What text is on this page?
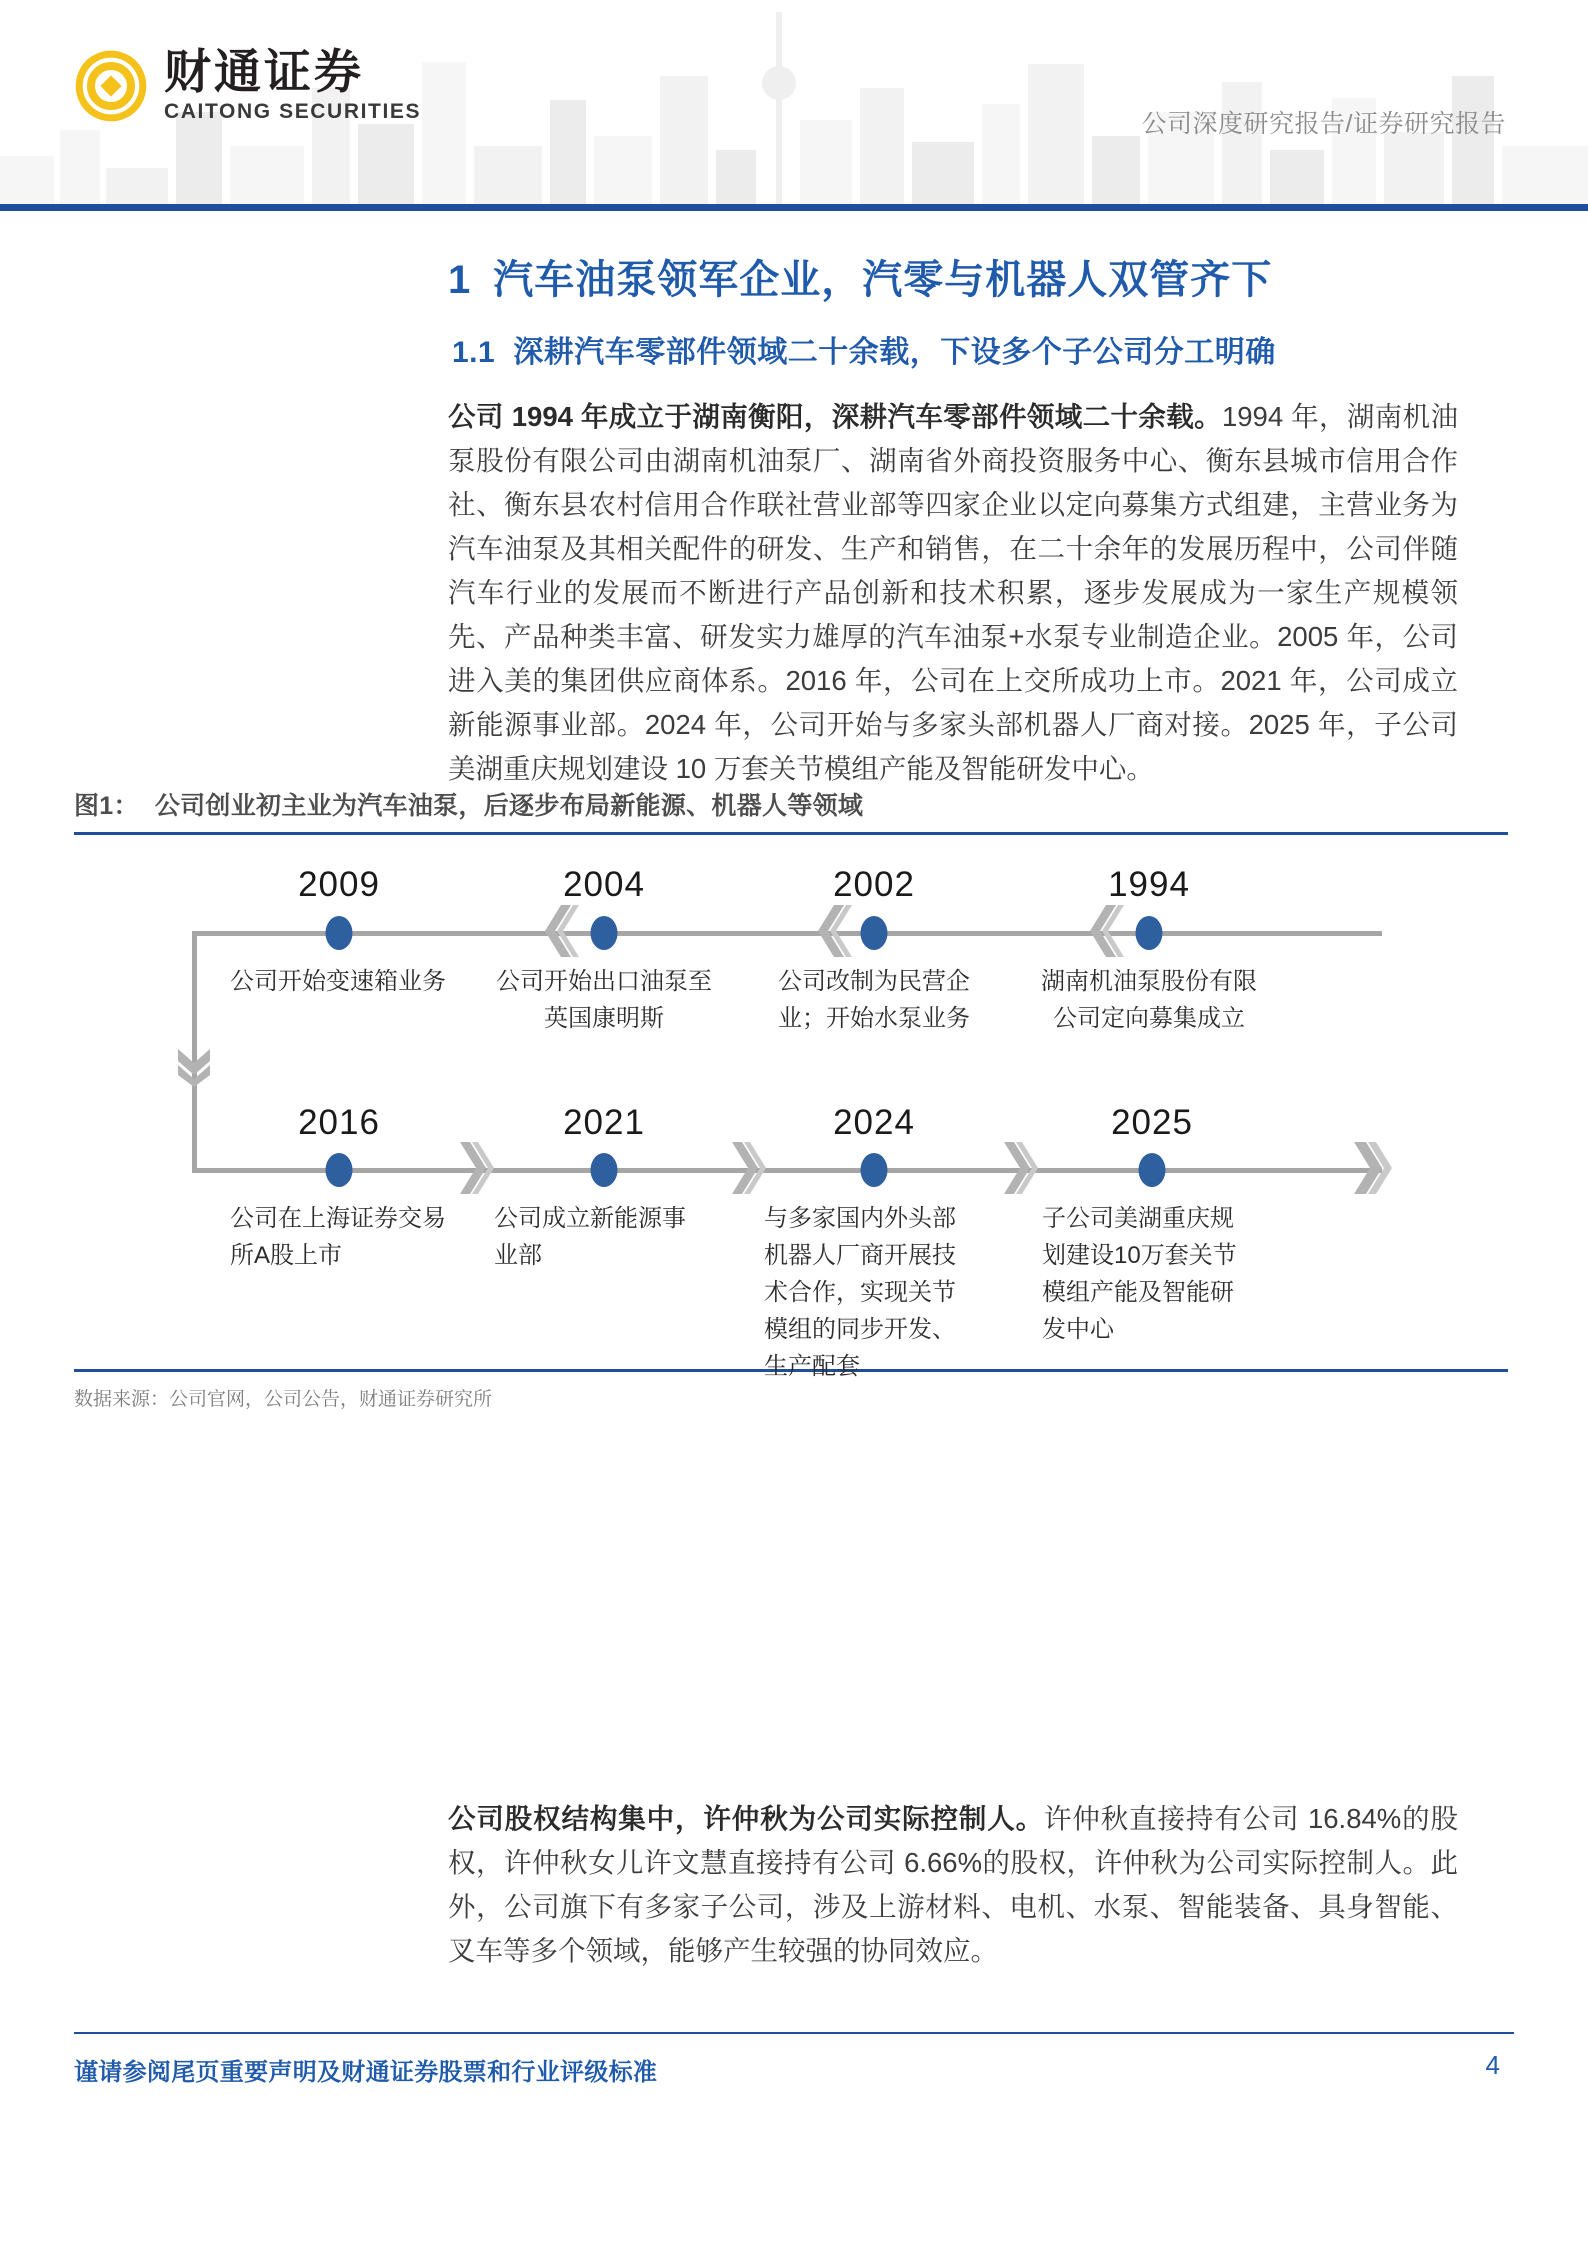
财通证券
CAITONG SECURITIES	公司深度研究报告/证券研究报告
1 汽车油泵领军企业，汽零与机器人双管齐下
1.1 深耕汽车零部件领域二十余载，下设多个子公司分工明确
公司 1994 年成立于湖南衡阳，深耕汽车零部件领域二十余载。1994 年，湖南机油泵股份有限公司由湖南机油泵厂、湖南省外商投资服务中心、衡东县城市信用合作社、衡东县农村信用合作联社营业部等四家企业以定向募集方式组建，主营业务为汽车油泵及其相关配件的研发、生产和销售，在二十余年的发展历程中，公司伴随汽车行业的发展而不断进行产品创新和技术积累，逐步发展成为一家生产规模领先、产品种类丰富、研发实力雄厚的汽车油泵+水泵专业制造企业。2005 年，公司进入美的集团供应商体系。2016 年，公司在上交所成功上市。2021 年，公司成立新能源事业部。2024 年，公司开始与多家头部机器人厂商对接。2025 年，子公司美湖重庆规划建设 10 万套关节模组产能及智能研发中心。
图1： 公司创业初主业为汽车油泵，后逐步布局新能源、机器人等领域
2009
公司开始变速箱业务
2004
公司开始出口油泵至英国康明斯
2002
公司改制为民营企业；开始水泵业务
1994
湖南机油泵股份有限公司定向募集成立
2016
公司在上海证券交易所A股上市
2021
公司成立新能源事业部
2024
与多家国内外头部机器人厂商开展技术合作，实现关节模组的同步开发、生产配套
2025
子公司美湖重庆规划建设10万套关节模组产能及智能研发中心
数据来源：公司官网，公司公告，财通证券研究所
公司股权结构集中，许仲秋为公司实际控制人。许仲秋直接持有公司 16.84%的股权，许仲秋女儿许文慧直接持有公司 6.66%的股权，许仲秋为公司实际控制人。此外，公司旗下有多家子公司，涉及上游材料、电机、水泵、智能装备、具身智能、叉车等多个领域，能够产生较强的协同效应。
谨请参阅尾页重要声明及财通证券股票和行业评级标准	4
